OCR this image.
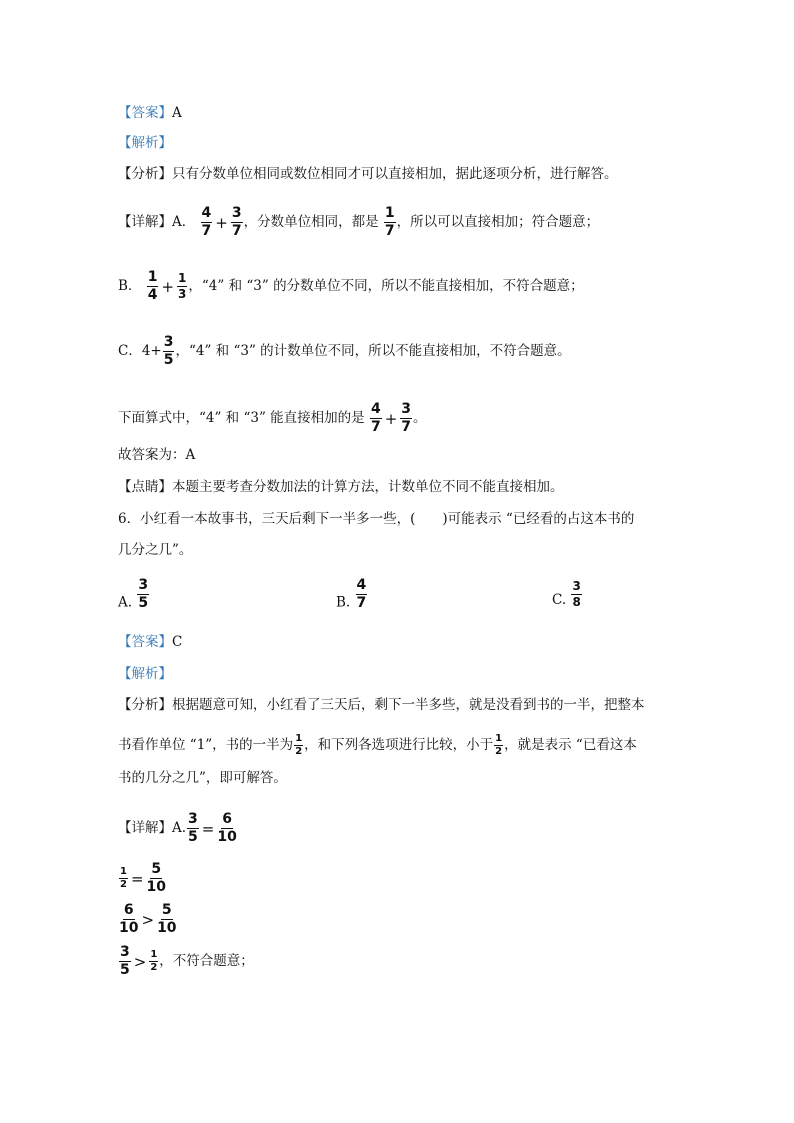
【答案】A
【解析】
【分析】只有分数单位相同或数位相同才可以直接相加，据此逐项分析，进行解答。
【详解】A． $\frac{4}{7} + \frac{3}{7}$ ，分数单位相同，都是 $\frac{1}{7}$ ，所以可以直接相加；符合题意；
B． $\frac{1}{4} + \frac{1}{3}$ ，“4” 和 “3” 的分数单位不同，所以不能直接相加，不符合题意；
C．$4+ \frac{3}{5}$ ，“4” 和 “3” 的计数单位不同，所以不能直接相加，不符合题意。
下面算式中，“4” 和 “3” 能直接相加的是 $\frac{4}{7} + \frac{3}{7}$ 。
故答案为：A
【点睛】本题主要考查分数加法的计算方法，计数单位不同不能直接相加。
6．小红看一本故事书，三天后剩下一半多一些，(　　)可能表示 “已经看的占这本书的
几分之几”。
A. $\frac{3}{5}$	B. $\frac{4}{7}$	C. $\frac{3}{8}$
【答案】C
【解析】
【分析】根据题意可知，小红看了三天后，剩下一半多些，就是没看到书的一半，把整本
书看作单位 “1”，书的一半为 $\frac{1}{2}$ ，和下列各选项进行比较，小于 $\frac{1}{2}$ ，就是表示 “已看这本
书的几分之几”，即可解答。
【详解】A. $\frac{3}{5} = \frac{6}{10}$
$\frac{1}{2} = \frac{5}{10}$
$\frac{6}{10} > \frac{5}{10}$
$\frac{3}{5} > \frac{1}{2}$ ，不符合题意；
